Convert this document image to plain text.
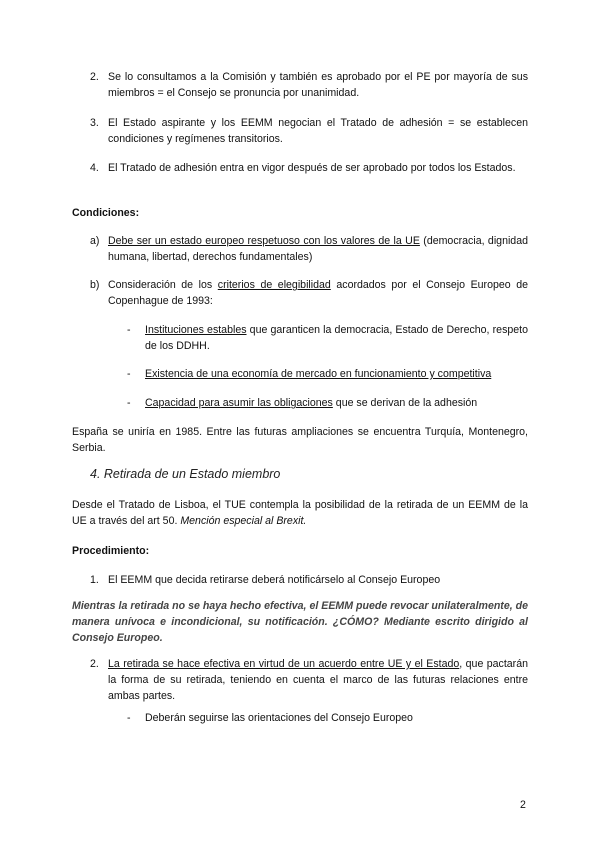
2. Se lo consultamos a la Comisión y también es aprobado por el PE por mayoría de sus miembros = el Consejo se pronuncia por unanimidad.
3. El Estado aspirante y los EEMM negocian el Tratado de adhesión = se establecen condiciones y regímenes transitorios.
4. El Tratado de adhesión entra en vigor después de ser aprobado por todos los Estados.
Condiciones:
a) Debe ser un estado europeo respetuoso con los valores de la UE (democracia, dignidad humana, libertad, derechos fundamentales)
b) Consideración de los criterios de elegibilidad acordados por el Consejo Europeo de Copenhague de 1993:
- Instituciones estables que garanticen la democracia, Estado de Derecho, respeto de los DDHH.
- Existencia de una economía de mercado en funcionamiento y competitiva
- Capacidad para asumir las obligaciones que se derivan de la adhesión
España se uniría en 1985. Entre las futuras ampliaciones se encuentra Turquía, Montenegro, Serbia.
4. Retirada de un Estado miembro
Desde el Tratado de Lisboa, el TUE contempla la posibilidad de la retirada de un EEMM de la UE a través del art 50. Mención especial al Brexit.
Procedimiento:
1. El EEMM que decida retirarse deberá notificárselo al Consejo Europeo
Mientras la retirada no se haya hecho efectiva, el EEMM puede revocar unilateralmente, de manera unívoca e incondicional, su notificación. ¿CÓMO? Mediante escrito dirigido al Consejo Europeo.
2. La retirada se hace efectiva en virtud de un acuerdo entre UE y el Estado, que pactarán la forma de su retirada, teniendo en cuenta el marco de las futuras relaciones entre ambas partes.
- Deberán seguirse las orientaciones del Consejo Europeo
2
